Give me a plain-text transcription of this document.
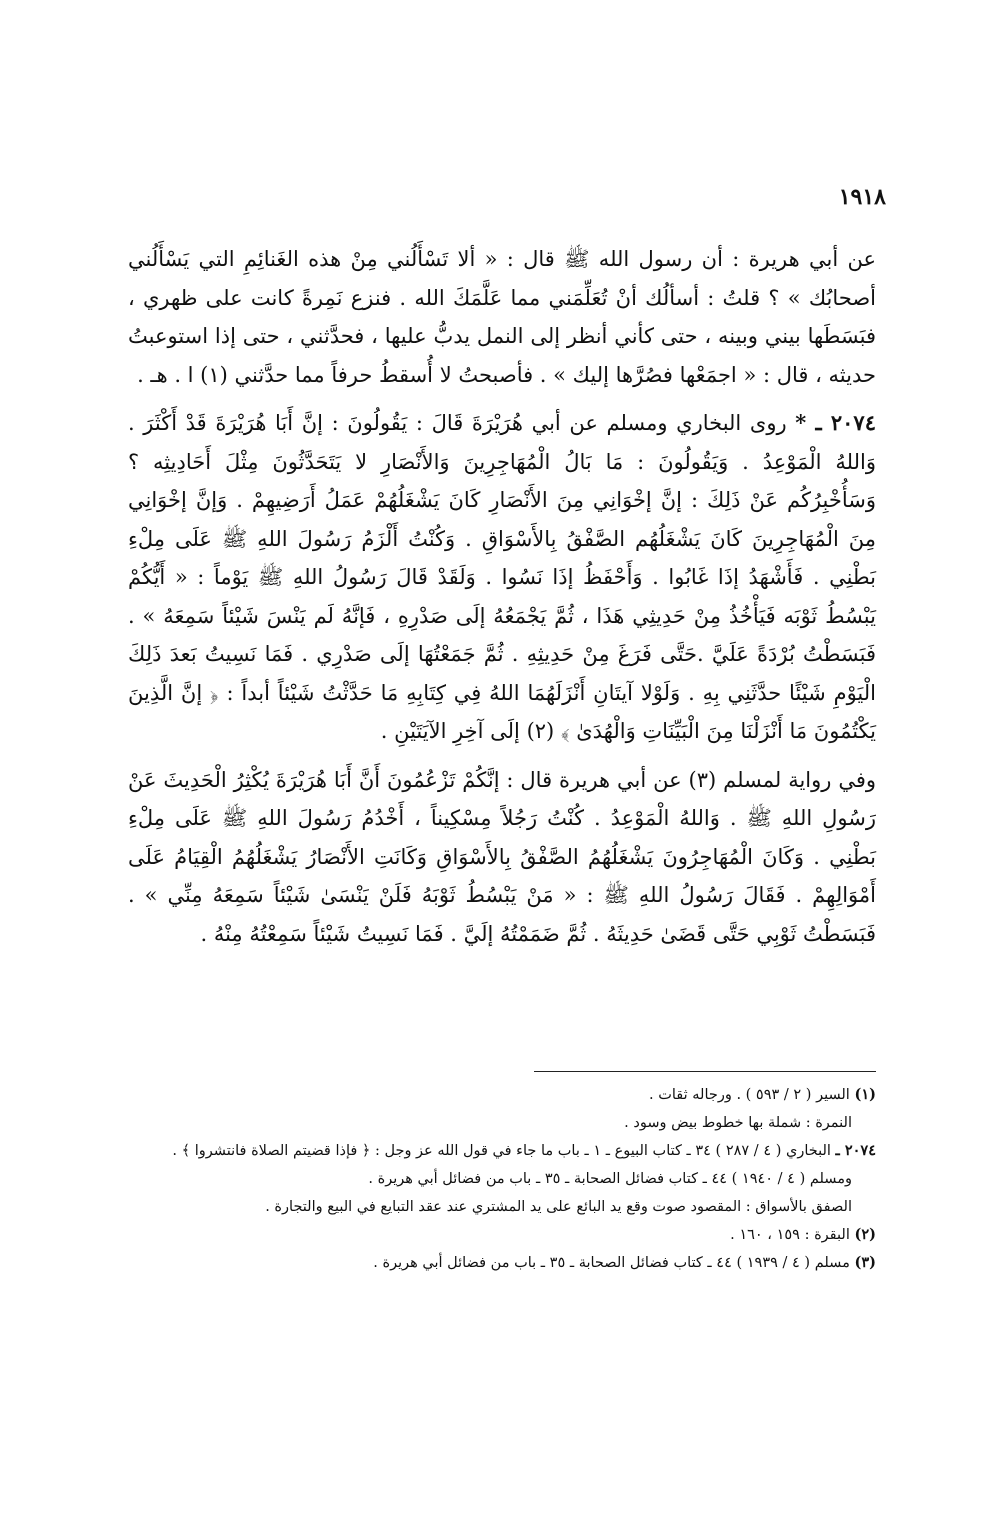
١٩١٨

عن أبي هريرة : أن رسول الله ﷺ قال : « ألا تَسْأَلُني مِنْ هذه الغَنائِمِ التي يَسْأَلُني أصحابُك » ؟ قلتُ : أسألُك أنْ تُعَلِّمَني مما عَلَّمَكَ الله . فنزع نَمِرةً كانت على ظهري ، فبَسَطَها بيني وبينه ، حتى كأني أنظر إلى النمل يدبُّ عليها ، فحدَّثني ، حتى إذا استوعبتُ حديثه ، قال : « اجمَعْها فصُرَّها إليك » . فأصبحتُ لا أُسقطُ حرفاً مما حدَّثني (١) ا . هـ .

٢٠٧٤ ـ * روى البخاري ومسلم عن أبي هُرَيْرَةَ قَالَ : يَقُولُونَ : إنَّ أَبَا هُرَيْرَةَ قَدْ أَكْثَرَ . وَاللهُ الْمَوْعِدُ . وَيَقُولُونَ : مَا بَالُ الْمُهَاجِرِينَ وَالأَنْصَارِ لا يَتَحَدَّثُونَ مِثْلَ أَحَادِيثِه ؟ وَسَأُخْبِرُكُم عَنْ ذَلِكَ : إنَّ إخْوَانِي مِنَ الأَنْصَارِ كَانَ يَشْغَلُهُمْ عَمَلُ أَرَضِيهِمْ . وَإنَّ إخْوَانِي مِنَ الْمُهَاجِرِينَ كَانَ يَشْغَلُهُم الصَّفْقُ بِالأَسْوَاقِ . وَكُنْتُ أَلْزَمُ رَسُولَ اللهِ ﷺ عَلَى مِلْءِ بَطْنِي . فَأَشْهَدُ إذَا غَابُوا . وَأَحْفَظُ إذَا نَسُوا . وَلَقَدْ قَالَ رَسُولُ اللهِ ﷺ يَوْماً : « أَيُّكُمْ يَبْسُطُ ثَوْبَه فَيَأْخُذُ مِنْ حَدِيثِي هَذَا ، ثُمَّ يَجْمَعُهُ إلَى صَدْرِهِ ، فَإنَّهُ لَم يَنْسَ شَيْئاً سَمِعَهُ » . فَبَسَطْتُ بُرْدَةً عَلَيَّ .حَتَّى فَرَغَ مِنْ حَدِيثِهِ . ثُمَّ جَمَعْتُهَا إلَى صَدْرِي . فَمَا نَسِيتُ بَعدَ ذَلِكَ الْيَوْمِ شَيْئًا حدَّثَنِي بِهِ . وَلَوْلا آيتَانِ أَنْزَلَهُمَا اللهُ فِي كِتَابِهِ مَا حَدَّثْتُ شَيْئاً أبداً : ﴿ إنَّ الَّذِينَ يَكْتُمُونَ مَا أَنْزَلْنَا مِنَ الْبَيِّنَاتِ وَالْهُدَىٰ ﴾ (٢) إلَى آخِرِ الآيَتَيْنِ .

وفي رواية لمسلم (٣) عن أبي هريرة قال : إنَّكُمْ تَزْعُمُونَ أَنَّ أَبَا هُرَيْرَةَ يُكْثِرُ الْحَدِيثَ عَنْ رَسُولِ اللهِ ﷺ . وَاللهُ الْمَوْعِدُ . كُنْتُ رَجُلاً مِسْكِيناً ، أَخْدُمُ رَسُولَ اللهِ ﷺ عَلَى مِلْءِ بَطْنِي . وَكَانَ الْمُهَاجِرُونَ يَشْغَلُهُمُ الصَّفْقُ بِالأَسْوَاقِ وَكَانَتِ الأَنْصَارُ يَشْغَلُهُمُ الْقِيَامُ عَلَى أَمْوَالِهِمْ . فَقَالَ رَسُولُ اللهِ ﷺ : « مَنْ يَبْسُطُ ثَوْبَهُ فَلَنْ يَنْسَىٰ شَيْئاً سَمِعَهُ مِنِّي » . فَبَسَطْتُ ثَوْبِي حَتَّى قَضَىٰ حَدِيثَهُ . ثُمَّ ضَمَمْتُهُ إلَيَّ . فَمَا نَسِيتُ شَيْئاً سَمِعْتُهُ مِنْهُ .

(١) السير ( ٢ / ٥٩٣ ) . ورجاله ثقات .

النمرة : شملة بها خطوط بيض وسود .

٢٠٧٤ ـ البخاري ( ٤ / ٢٨٧ ) ٣٤ ـ كتاب البيوع ـ ١ ـ باب ما جاء في قول الله عز وجل : ﴿ فإذا قضيتم الصلاة فانتشروا ﴾ .

ومسلم ( ٤ / ١٩٤٠ ) ٤٤ ـ كتاب فضائل الصحابة ـ ٣٥ ـ باب من فضائل أبي هريرة .

الصفق بالأسواق : المقصود صوت وقع يد البائع على يد المشتري عند عقد التبايع في البيع والتجارة .

(٢) البقرة : ١٥٩ ، ١٦٠ .

(٣) مسلم ( ٤ / ١٩٣٩ ) ٤٤ ـ كتاب فضائل الصحابة ـ ٣٥ ـ باب من فضائل أبي هريرة .
